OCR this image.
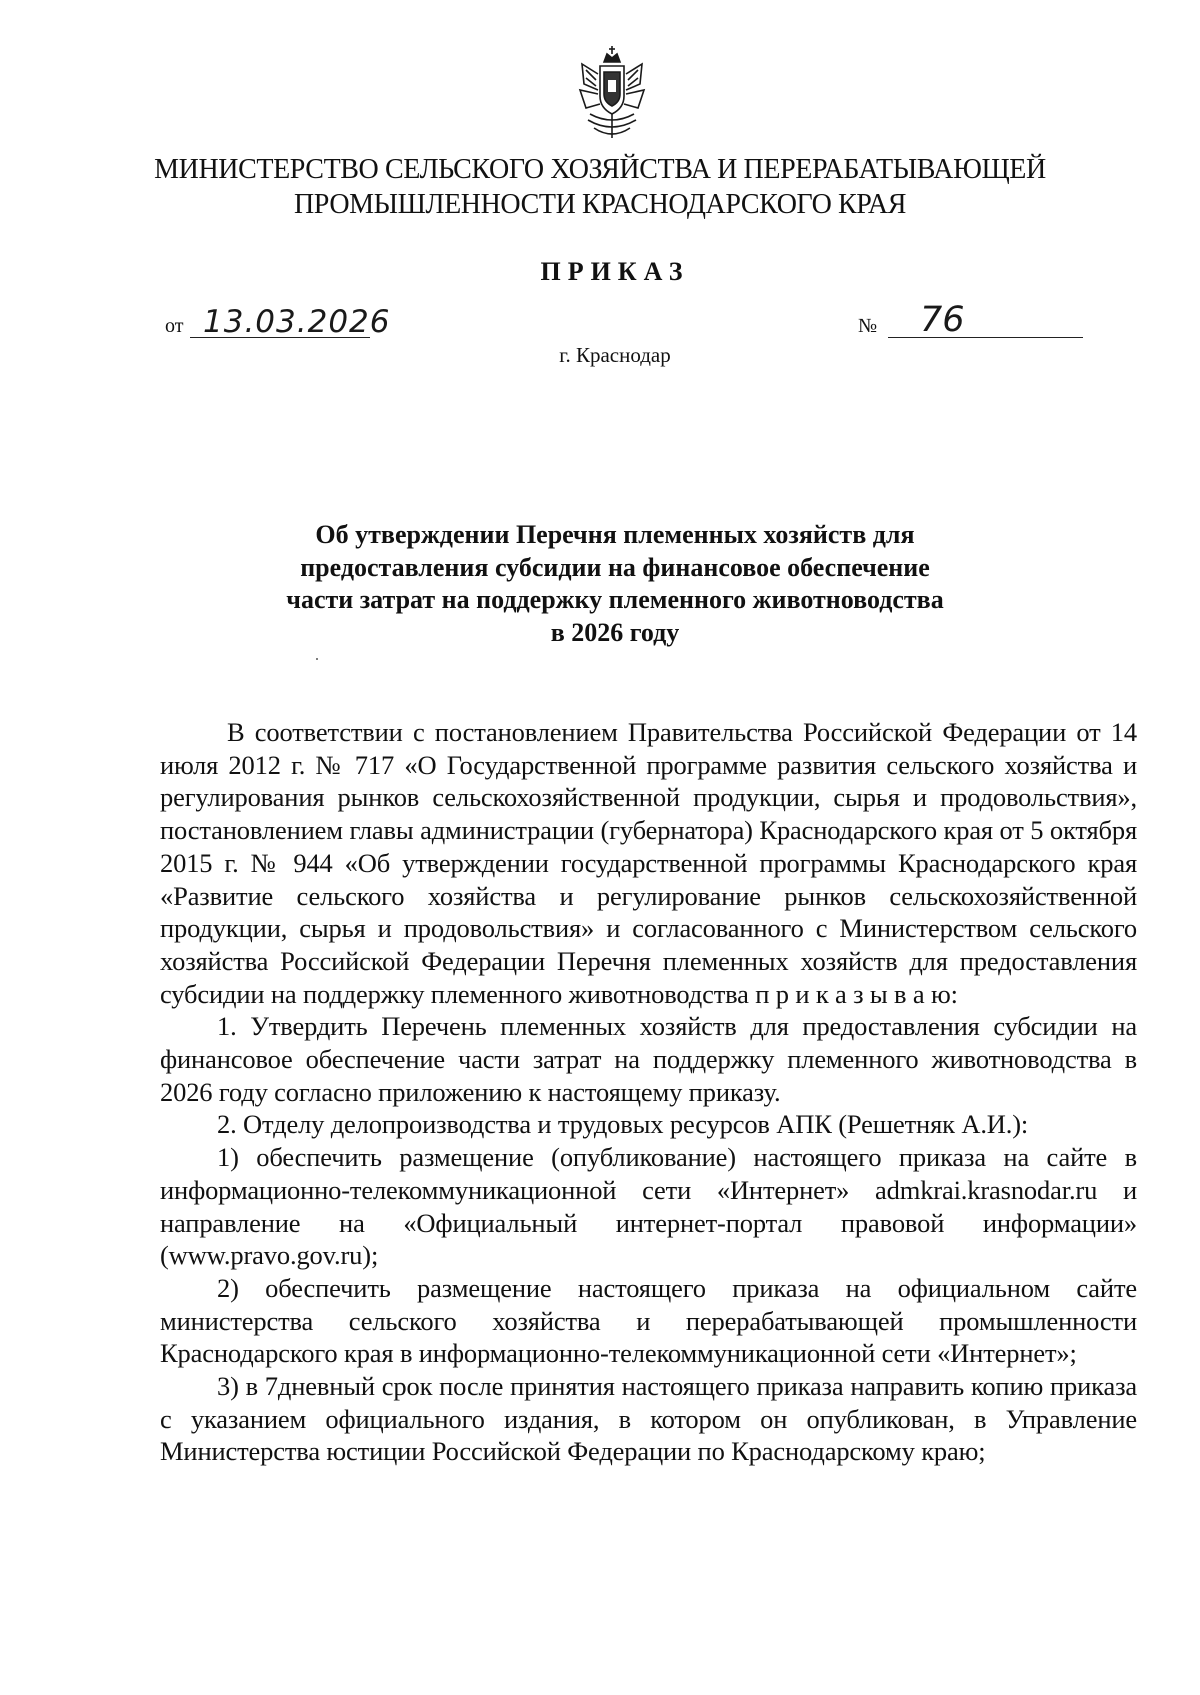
МИНИСТЕРСТВО СЕЛЬСКОГО ХОЗЯЙСТВА И ПЕРЕРАБАТЫВАЮЩЕЙ
ПРОМЫШЛЕННОСТИ КРАСНОДАРСКОГО КРАЯ
ПРИКАЗ
от 13.03.2026	№ 76
г. Краснодар
Об утверждении Перечня племенных хозяйств для
предоставления субсидии на финансовое обеспечение
части затрат на поддержку племенного животноводства
в 2026 году

В соответствии с постановлением Правительства Российской Федерации от 14 июля 2012 г. № 717 «О Государственной программе развития сельского хозяйства и регулирования рынков сельскохозяйственной продукции, сырья и продовольствия», постановлением главы администрации (губернатора) Краснодарского края от 5 октября 2015 г. № 944 «Об утверждении государственной программы Краснодарского края «Развитие сельского хозяйства и регулирование рынков сельскохозяйственной продукции, сырья и продовольствия» и согласованного с Министерством сельского хозяйства Российской Федерации Перечня племенных хозяйств для предоставления субсидии на поддержку племенного животноводства п р и к а з ы в а ю:

1. Утвердить Перечень племенных хозяйств для предоставления субсидии на финансовое обеспечение части затрат на поддержку племенного животноводства в 2026 году согласно приложению к настоящему приказу.

2. Отделу делопроизводства и трудовых ресурсов АПК (Решетняк А.И.):

1) обеспечить размещение (опубликование) настоящего приказа на сайте в информационно-телекоммуникационной сети «Интернет» admkrai.krasnodar.ru и направление на «Официальный интернет-портал правовой информации» (www.pravo.gov.ru);

2) обеспечить размещение настоящего приказа на официальном сайте министерства сельского хозяйства и перерабатывающей промышленности Краснодарского края в информационно-телекоммуникационной сети «Интернет»;

3) в 7дневный срок после принятия настоящего приказа направить копию приказа с указанием официального издания, в котором он опубликован, в Управление Министерства юстиции Российской Федерации по Краснодарскому краю;
